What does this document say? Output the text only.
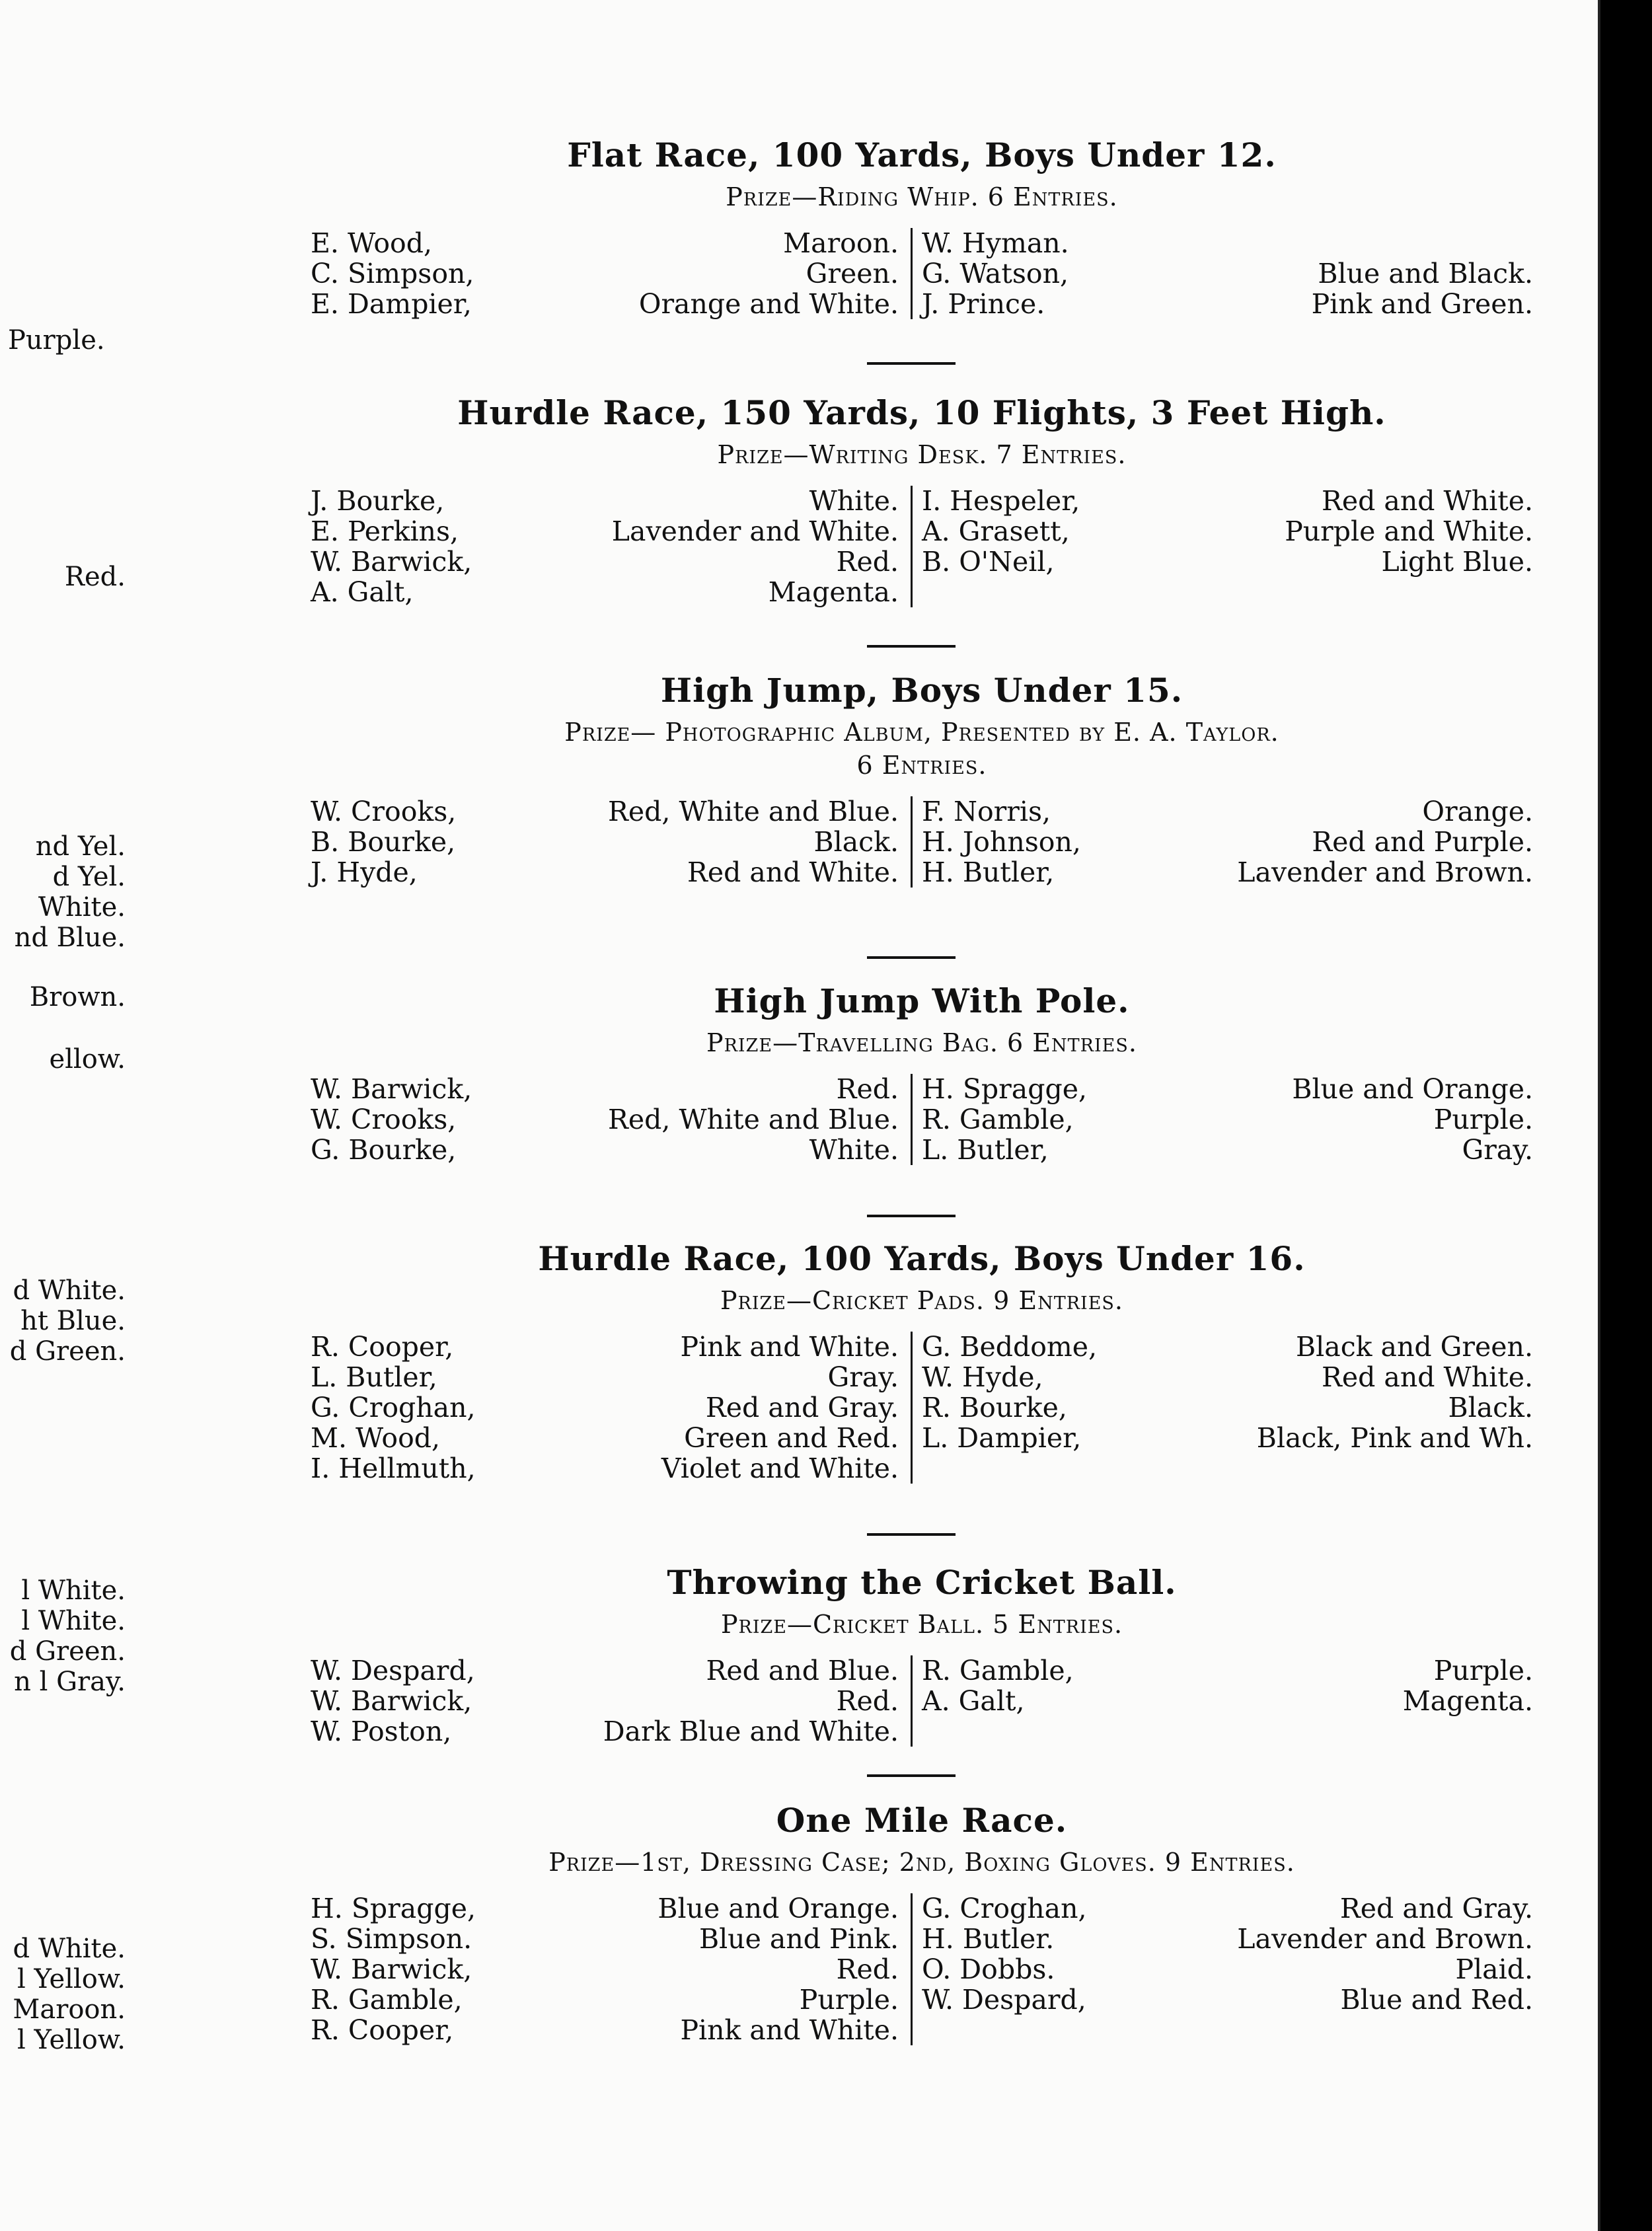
Purple.
Red.
nd Yel.
d Yel.
White.
nd Blue.
Brown.
ellow.
d White.
ht Blue.
d Green.
l White.
l White.
d Green.
n l Gray.
d White.
l Yellow.
Maroon.
l Yellow.
Flat Race, 100 Yards, Boys Under 12.
Prize—Riding Whip. 6 Entries.
E. Wood,	Maroon.
C. Simpson,	Green.
E. Dampier,	Orange and White.
W. Hyman.
G. Watson,	Blue and Black.
J. Prince.	Pink and Green.
Hurdle Race, 150 Yards, 10 Flights, 3 Feet High.
Prize—Writing Desk. 7 Entries.
J. Bourke,	White.
E. Perkins,	Lavender and White.
W. Barwick,	Red.
A. Galt,	Magenta.
I. Hespeler,	Red and White.
A. Grasett,	Purple and White.
B. O'Neil,	Light Blue.
High Jump, Boys Under 15.
Prize— Photographic Album, Presented by E. A. Taylor.
6 Entries.
W. Crooks,	Red, White and Blue.
B. Bourke,	Black.
J. Hyde,	Red and White.
F. Norris,	Orange.
H. Johnson,	Red and Purple.
H. Butler,	Lavender and Brown.
High Jump With Pole.
Prize—Travelling Bag. 6 Entries.
W. Barwick,	Red.
W. Crooks,	Red, White and Blue.
G. Bourke,	White.
H. Spragge,	Blue and Orange.
R. Gamble,	Purple.
L. Butler,	Gray.
Hurdle Race, 100 Yards, Boys Under 16.
Prize—Cricket Pads. 9 Entries.
R. Cooper,	Pink and White.
L. Butler,	Gray.
G. Croghan,	Red and Gray.
M. Wood,	Green and Red.
I. Hellmuth,	Violet and White.
G. Beddome,	Black and Green.
W. Hyde,	Red and White.
R. Bourke,	Black.
L. Dampier,	Black, Pink and Wh.
Throwing the Cricket Ball.
Prize—Cricket Ball. 5 Entries.
W. Despard,	Red and Blue.
W. Barwick,	Red.
W. Poston,	Dark Blue and White.
R. Gamble,	Purple.
A. Galt,	Magenta.
One Mile Race.
Prize—1st, Dressing Case; 2nd, Boxing Gloves. 9 Entries.
H. Spragge,	Blue and Orange.
S. Simpson.	Blue and Pink.
W. Barwick,	Red.
R. Gamble,	Purple.
R. Cooper,	Pink and White.
G. Croghan,	Red and Gray.
H. Butler.	Lavender and Brown.
O. Dobbs.	Plaid.
W. Despard,	Blue and Red.
